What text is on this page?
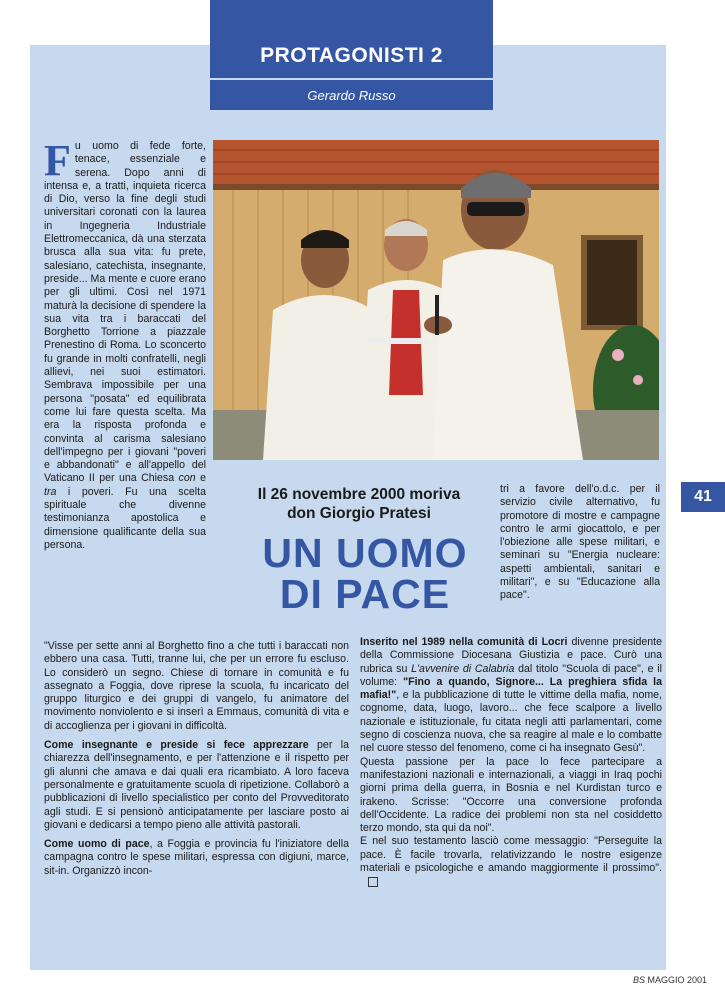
PROTAGONISTI 2
Gerardo Russo

Fu uomo di fede forte, tenace, essenziale e serena. Dopo anni di intensa e, a tratti, inquieta ricerca di Dio, verso la fine degli studi universitari coronati con la laurea in Ingegneria Industriale Elettromeccanica, dà una sterzata brusca alla sua vita: fu prete, salesiano, catechista, insegnante, preside... Ma mente e cuore erano per gli ultimi. Così nel 1971 maturà la decisione di spendere la sua vita tra i baraccati del Borghetto Torrione a piazzale Prenestino di Roma. Lo sconcerto fu grande in molti confratelli, negli allievi, nei suoi estimatori. Sembrava impossibile per una persona "posata" ed equilibrata come lui fare questa scelta. Ma era la risposta profonda e convinta al carisma salesiano dell'impegno per i giovani "poveri e abbandonati" e all'appello del Vaticano II per una Chiesa con e tra i poveri. Fu una scelta spirituale che divenne testimonianza apostolica e dimensione qualificante della sua persona.

Il 26 novembre 2000 moriva
don Giorgio Pratesi
UN UOMO
DI PACE

tri a favore dell'o.d.c. per il servizio civile alternativo, fu promotore di mostre e campagne contro le armi giocattolo, e per l'obiezione alle spese militari, e seminari su "Energia nucleare: aspetti ambientali, sanitari e militari", e su "Educazione alla pace".

"Visse per sette anni al Borghetto fino a che tutti i baraccati non ebbero una casa. Tutti, tranne lui, che per un errore fu escluso. Lo considerò un segno. Chiese di tornare in comunità e fu assegnato a Foggia, dove riprese la scuola, fu incaricato del gruppo liturgico e dei gruppi di vangelo, fu animatore del movimento nonviolento e si inserì a Emmaus, comunità di vita e di accoglienza per i giovani in difficoltà.

Come insegnante e preside si fece apprezzare per la chiarezza dell'insegnamento, e per l'attenzione e il rispetto per gli alunni che amava e dai quali era ricambiato. A loro faceva personalmente e gratuitamente scuola di ripetizione. Collaborò a pubblicazioni di livello specialistico per conto del Provveditorato agli studi. E si pensionò anticipatamente per lasciare posto ai giovani e dedicarsi a tempo pieno alle attività pastorali.

Come uomo di pace, a Foggia e provincia fu l'iniziatore della campagna contro le spese militari, espressa con digiuni, marce, sit-in. Organizzò incon-

Inserito nel 1989 nella comunità di Locri divenne presidente della Commissione Diocesana Giustizia e pace. Curò una rubrica su L'avvenire di Calabria dal titolo "Scuola di pace", e il volume: "Fino a quando, Signore... La preghiera sfida la mafia!", e la pubblicazione di tutte le vittime della mafia, nome, cognome, data, luogo, lavoro... che fece scalpore a livello nazionale e istituzionale, fu citata negli atti parlamentari, come segno di coscienza nuova, che sa reagire al male e lo combatte nel cuore stesso del fenomeno, come ci ha insegnato Gesù".

Questa passione per la pace lo fece partecipare a manifestazioni nazionali e internazionali, a viaggi in Iraq pochi giorni prima della guerra, in Bosnia e nel Kurdistan turco e irakeno. Scrisse: "Occorre una conversione profonda dell'Occidente. La radice dei problemi non sta nel cosiddetto terzo mondo, sta qui da noi".

E nel suo testamento lasciò come messaggio: "Perseguite la pace. È facile trovarla, relativizzando le nostre esigenze materiali e psicologiche e amando maggiormente il prossimo".

41
BS MAGGIO 2001
